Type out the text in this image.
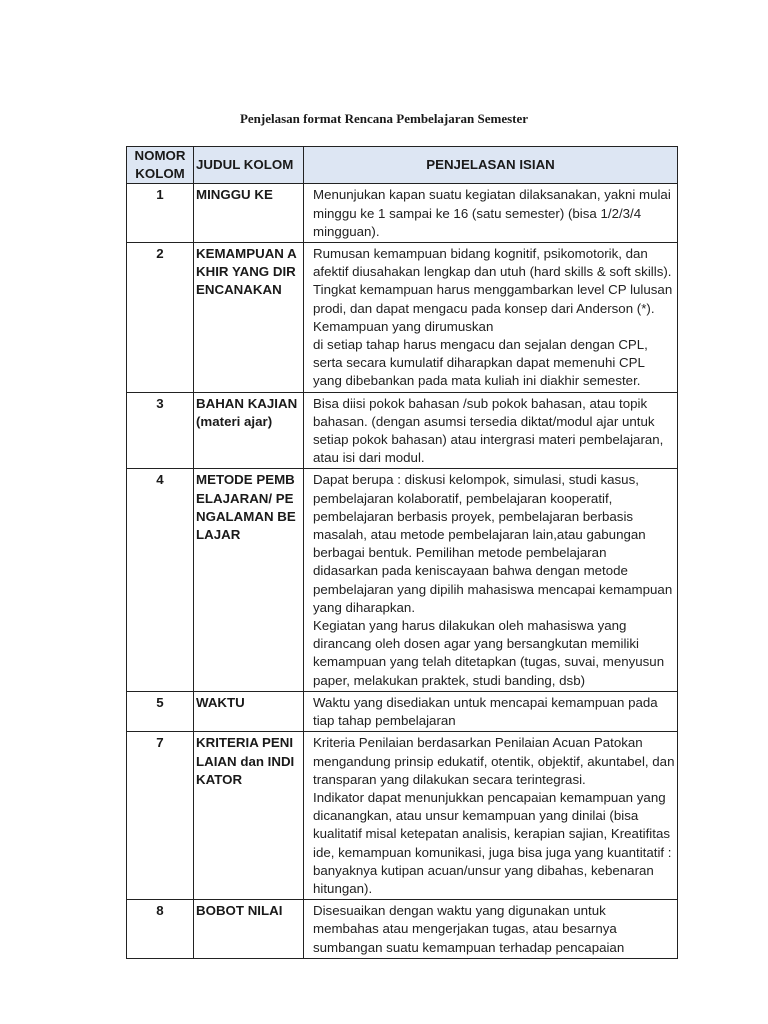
Penjelasan format Rencana Pembelajaran Semester
NOMOR KOLOM	JUDUL KOLOM	PENJELASAN ISIAN
1	MINGGU KE	Menunjukan kapan suatu kegiatan dilaksanakan, yakni mulai minggu ke 1 sampai ke 16 (satu semester) (bisa 1/2/3/4 mingguan).
2	KEMAMPUAN AKHIR YANG DIRENCANAKAN	Rumusan kemampuan bidang kognitif, psikomotorik, dan afektif diusahakan lengkap dan utuh (hard skills & soft skills). Tingkat kemampuan harus menggambarkan level CP lulusan prodi, dan dapat mengacu pada konsep dari Anderson (*). Kemampuan yang dirumuskan
di setiap tahap harus mengacu dan sejalan dengan CPL, serta secara kumulatif diharapkan dapat memenuhi CPL yang dibebankan pada mata kuliah ini diakhir semester.
3	BAHAN KAJIAN (materi ajar)	Bisa diisi pokok bahasan /sub pokok bahasan, atau topik bahasan. (dengan asumsi tersedia diktat/modul ajar untuk setiap pokok bahasan) atau intergrasi materi pembelajaran, atau isi dari modul.
4	METODE PEMBELAJARAN/ PENGALAMAN BELAJAR	Dapat berupa : diskusi kelompok, simulasi, studi kasus, pembelajaran kolaboratif, pembelajaran kooperatif, pembelajaran berbasis proyek, pembelajaran berbasis masalah, atau metode pembelajaran lain,atau gabungan berbagai bentuk. Pemilihan metode pembelajaran didasarkan pada keniscayaan bahwa dengan metode pembelajaran yang dipilih mahasiswa mencapai kemampuan yang diharapkan.
Kegiatan yang harus dilakukan oleh mahasiswa yang dirancang oleh dosen agar yang bersangkutan memiliki kemampuan yang telah ditetapkan (tugas, suvai, menyusun paper, melakukan praktek, studi banding, dsb)
5	WAKTU	Waktu yang disediakan untuk mencapai kemampuan pada tiap tahap pembelajaran
7	KRITERIA PENILAIAN dan INDIKATOR	Kriteria Penilaian berdasarkan Penilaian Acuan Patokan mengandung prinsip edukatif, otentik, objektif, akuntabel, dan transparan yang dilakukan secara terintegrasi.
Indikator dapat menunjukkan pencapaian kemampuan yang dicanangkan, atau unsur kemampuan yang dinilai (bisa kualitatif misal ketepatan analisis, kerapian sajian, Kreatifitas ide, kemampuan komunikasi, juga bisa juga yang kuantitatif : banyaknya kutipan acuan/unsur yang dibahas, kebenaran hitungan).
8	BOBOT NILAI	Disesuaikan dengan waktu yang digunakan untuk membahas atau mengerjakan tugas, atau besarnya sumbangan suatu kemampuan terhadap pencapaian
